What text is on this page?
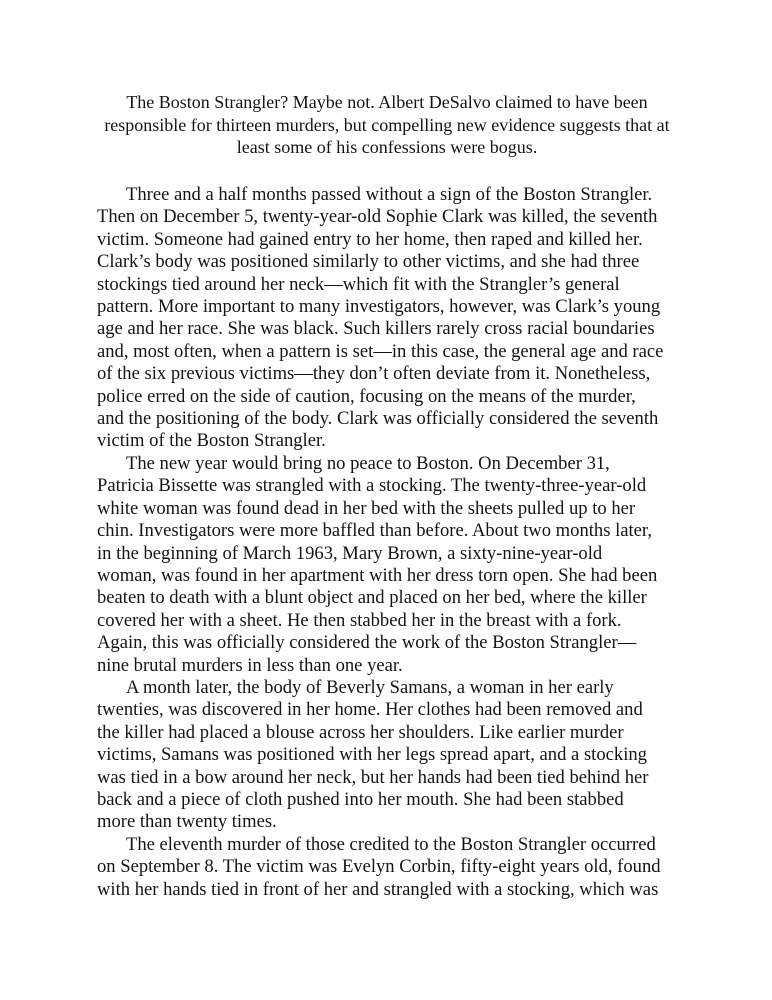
The Boston Strangler? Maybe not. Albert DeSalvo claimed to have been responsible for thirteen murders, but compelling new evidence suggests that at least some of his confessions were bogus.

Three and a half months passed without a sign of the Boston Strangler.
Then on December 5, twenty-year-old Sophie Clark was killed, the seventh
victim. Someone had gained entry to her home, then raped and killed her.
Clark’s body was positioned similarly to other victims, and she had three
stockings tied around her neck—which fit with the Strangler’s general
pattern. More important to many investigators, however, was Clark’s young
age and her race. She was black. Such killers rarely cross racial boundaries
and, most often, when a pattern is set—in this case, the general age and race
of the six previous victims—they don’t often deviate from it. Nonetheless,
police erred on the side of caution, focusing on the means of the murder,
and the positioning of the body. Clark was officially considered the seventh
victim of the Boston Strangler.
The new year would bring no peace to Boston. On December 31,
Patricia Bissette was strangled with a stocking. The twenty-three-year-old
white woman was found dead in her bed with the sheets pulled up to her
chin. Investigators were more baffled than before. About two months later,
in the beginning of March 1963, Mary Brown, a sixty-nine-year-old
woman, was found in her apartment with her dress torn open. She had been
beaten to death with a blunt object and placed on her bed, where the killer
covered her with a sheet. He then stabbed her in the breast with a fork.
Again, this was officially considered the work of the Boston Strangler—
nine brutal murders in less than one year.
A month later, the body of Beverly Samans, a woman in her early
twenties, was discovered in her home. Her clothes had been removed and
the killer had placed a blouse across her shoulders. Like earlier murder
victims, Samans was positioned with her legs spread apart, and a stocking
was tied in a bow around her neck, but her hands had been tied behind her
back and a piece of cloth pushed into her mouth. She had been stabbed
more than twenty times.
The eleventh murder of those credited to the Boston Strangler occurred
on September 8. The victim was Evelyn Corbin, fifty-eight years old, found
with her hands tied in front of her and strangled with a stocking, which was
